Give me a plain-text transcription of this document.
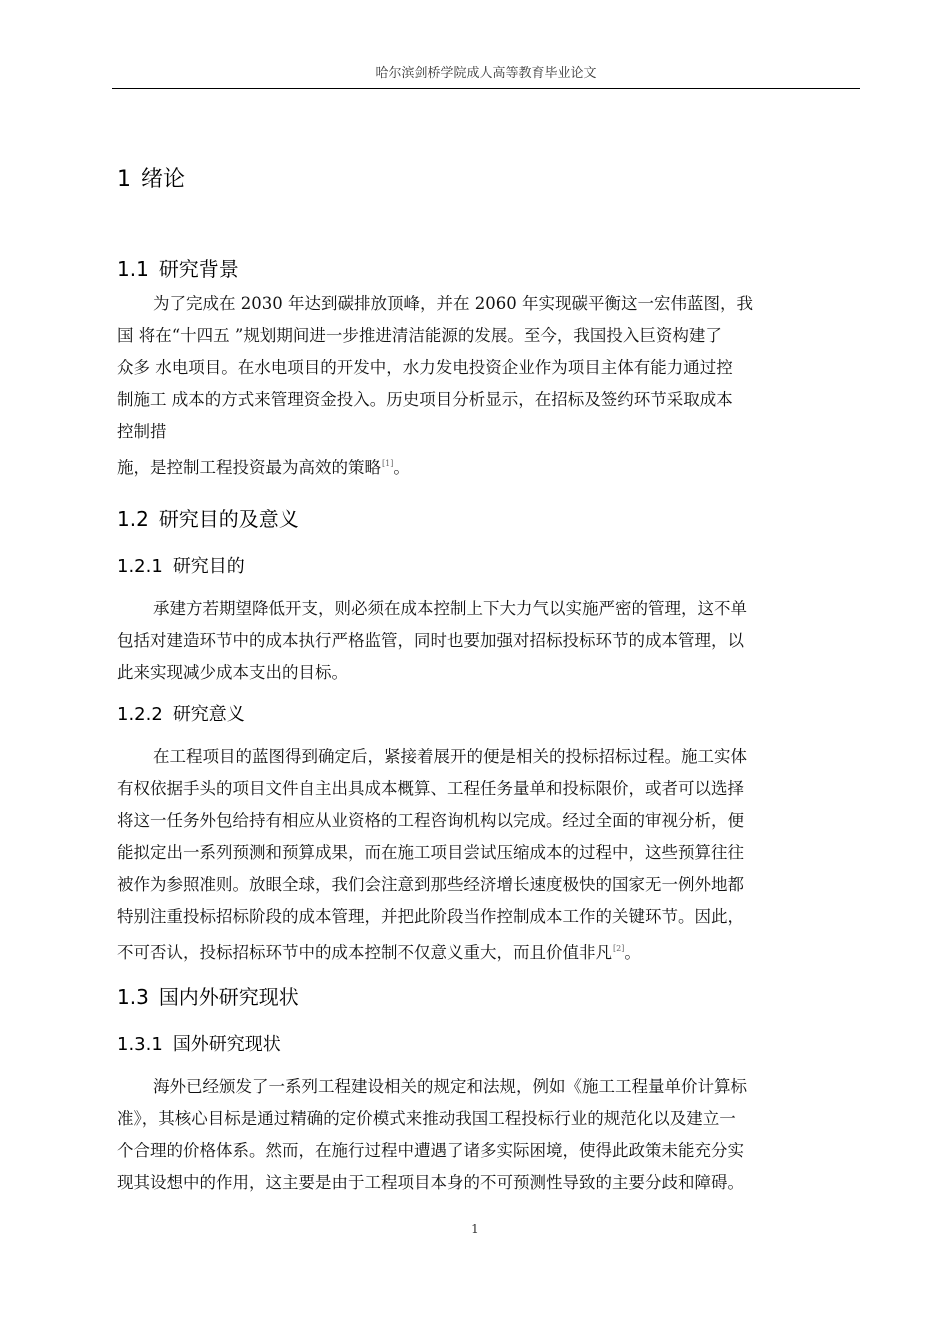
哈尔滨剑桥学院成人高等教育毕业论文
1 绪论
1.1 研究背景
为了完成在 2030 年达到碳排放顶峰，并在 2060 年实现碳平衡这一宏伟蓝图，我
国 将在“十四五 ”规划期间进一步推进清洁能源的发展。至今，我国投入巨资构建了
众多 水电项目。在水电项目的开发中，水力发电投资企业作为项目主体有能力通过控
制施工 成本的方式来管理资金投入。历史项目分析显示，在招标及签约环节采取成本
控制措
施，是控制工程投资最为高效的策略[1]。
1.2 研究目的及意义
1.2.1 研究目的
承建方若期望降低开支，则必须在成本控制上下大力气以实施严密的管理，这不单
包括对建造环节中的成本执行严格监管，同时也要加强对招标投标环节的成本管理，以
此来实现减少成本支出的目标。
1.2.2 研究意义
在工程项目的蓝图得到确定后，紧接着展开的便是相关的投标招标过程。施工实体
有权依据手头的项目文件自主出具成本概算、工程任务量单和投标限价，或者可以选择
将这一任务外包给持有相应从业资格的工程咨询机构以完成。经过全面的审视分析，便
能拟定出一系列预测和预算成果，而在施工项目尝试压缩成本的过程中，这些预算往往
被作为参照准则。放眼全球，我们会注意到那些经济增长速度极快的国家无一例外地都
特别注重投标招标阶段的成本管理，并把此阶段当作控制成本工作的关键环节。因此，
不可否认，投标招标环节中的成本控制不仅意义重大，而且价值非凡[2]。
1.3 国内外研究现状
1.3.1 国外研究现状
海外已经颁发了一系列工程建设相关的规定和法规，例如《施工工程量单价计算标
准》，其核心目标是通过精确的定价模式来推动我国工程投标行业的规范化以及建立一
个合理的价格体系。然而，在施行过程中遭遇了诸多实际困境，使得此政策未能充分实
现其设想中的作用，这主要是由于工程项目本身的不可预测性导致的主要分歧和障碍。
1
